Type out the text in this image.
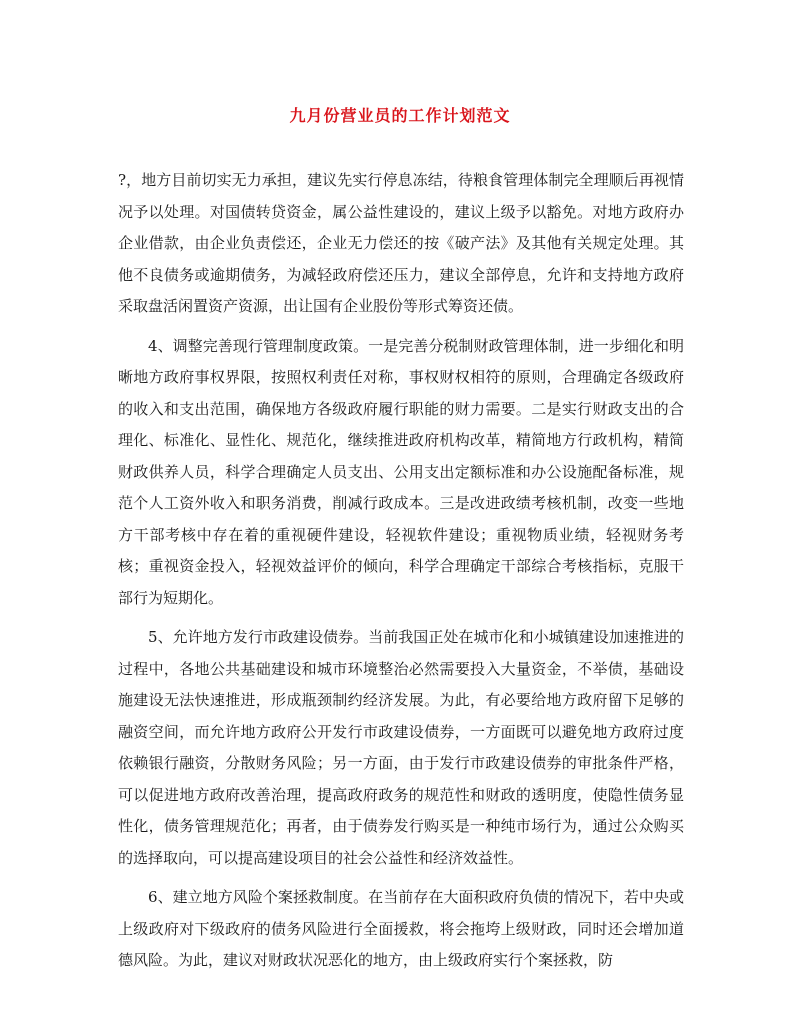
九月份营业员的工作计划范文

?，地方目前切实无力承担，建议先实行停息冻结，待粮食管理体制完全理顺后再视情况予以处理。对国债转贷资金，属公益性建设的，建议上级予以豁免。对地方政府办企业借款，由企业负责偿还，企业无力偿还的按《破产法》及其他有关规定处理。其他不良债务或逾期债务，为减轻政府偿还压力，建议全部停息，允许和支持地方政府采取盘活闲置资产资源，出让国有企业股份等形式筹资还债。

4、调整完善现行管理制度政策。一是完善分税制财政管理体制，进一步细化和明晰地方政府事权界限，按照权利责任对称，事权财权相符的原则，合理确定各级政府的收入和支出范围，确保地方各级政府履行职能的财力需要。二是实行财政支出的合理化、标准化、显性化、规范化，继续推进政府机构改革，精简地方行政机构，精简财政供养人员，科学合理确定人员支出、公用支出定额标准和办公设施配备标准，规范个人工资外收入和职务消费，削减行政成本。三是改进政绩考核机制，改变一些地方干部考核中存在着的重视硬件建设，轻视软件建设；重视物质业绩，轻视财务考核；重视资金投入，轻视效益评价的倾向，科学合理确定干部综合考核指标，克服干部行为短期化。

5、允许地方发行市政建设债券。当前我国正处在城市化和小城镇建设加速推进的过程中，各地公共基础建设和城市环境整治必然需要投入大量资金，不举债，基础设施建设无法快速推进，形成瓶颈制约经济发展。为此，有必要给地方政府留下足够的融资空间，而允许地方政府公开发行市政建设债券，一方面既可以避免地方政府过度依赖银行融资，分散财务风险；另一方面，由于发行市政建设债券的审批条件严格，可以促进地方政府改善治理，提高政府政务的规范性和财政的透明度，使隐性债务显性化，债务管理规范化；再者，由于债券发行购买是一种纯市场行为，通过公众购买的选择取向，可以提高建设项目的社会公益性和经济效益性。

6、建立地方风险个案拯救制度。在当前存在大面积政府负债的情况下，若中央或上级政府对下级政府的债务风险进行全面援救，将会拖垮上级财政，同时还会增加道德风险。为此，建议对财政状况恶化的地方，由上级政府实行个案拯救，防
